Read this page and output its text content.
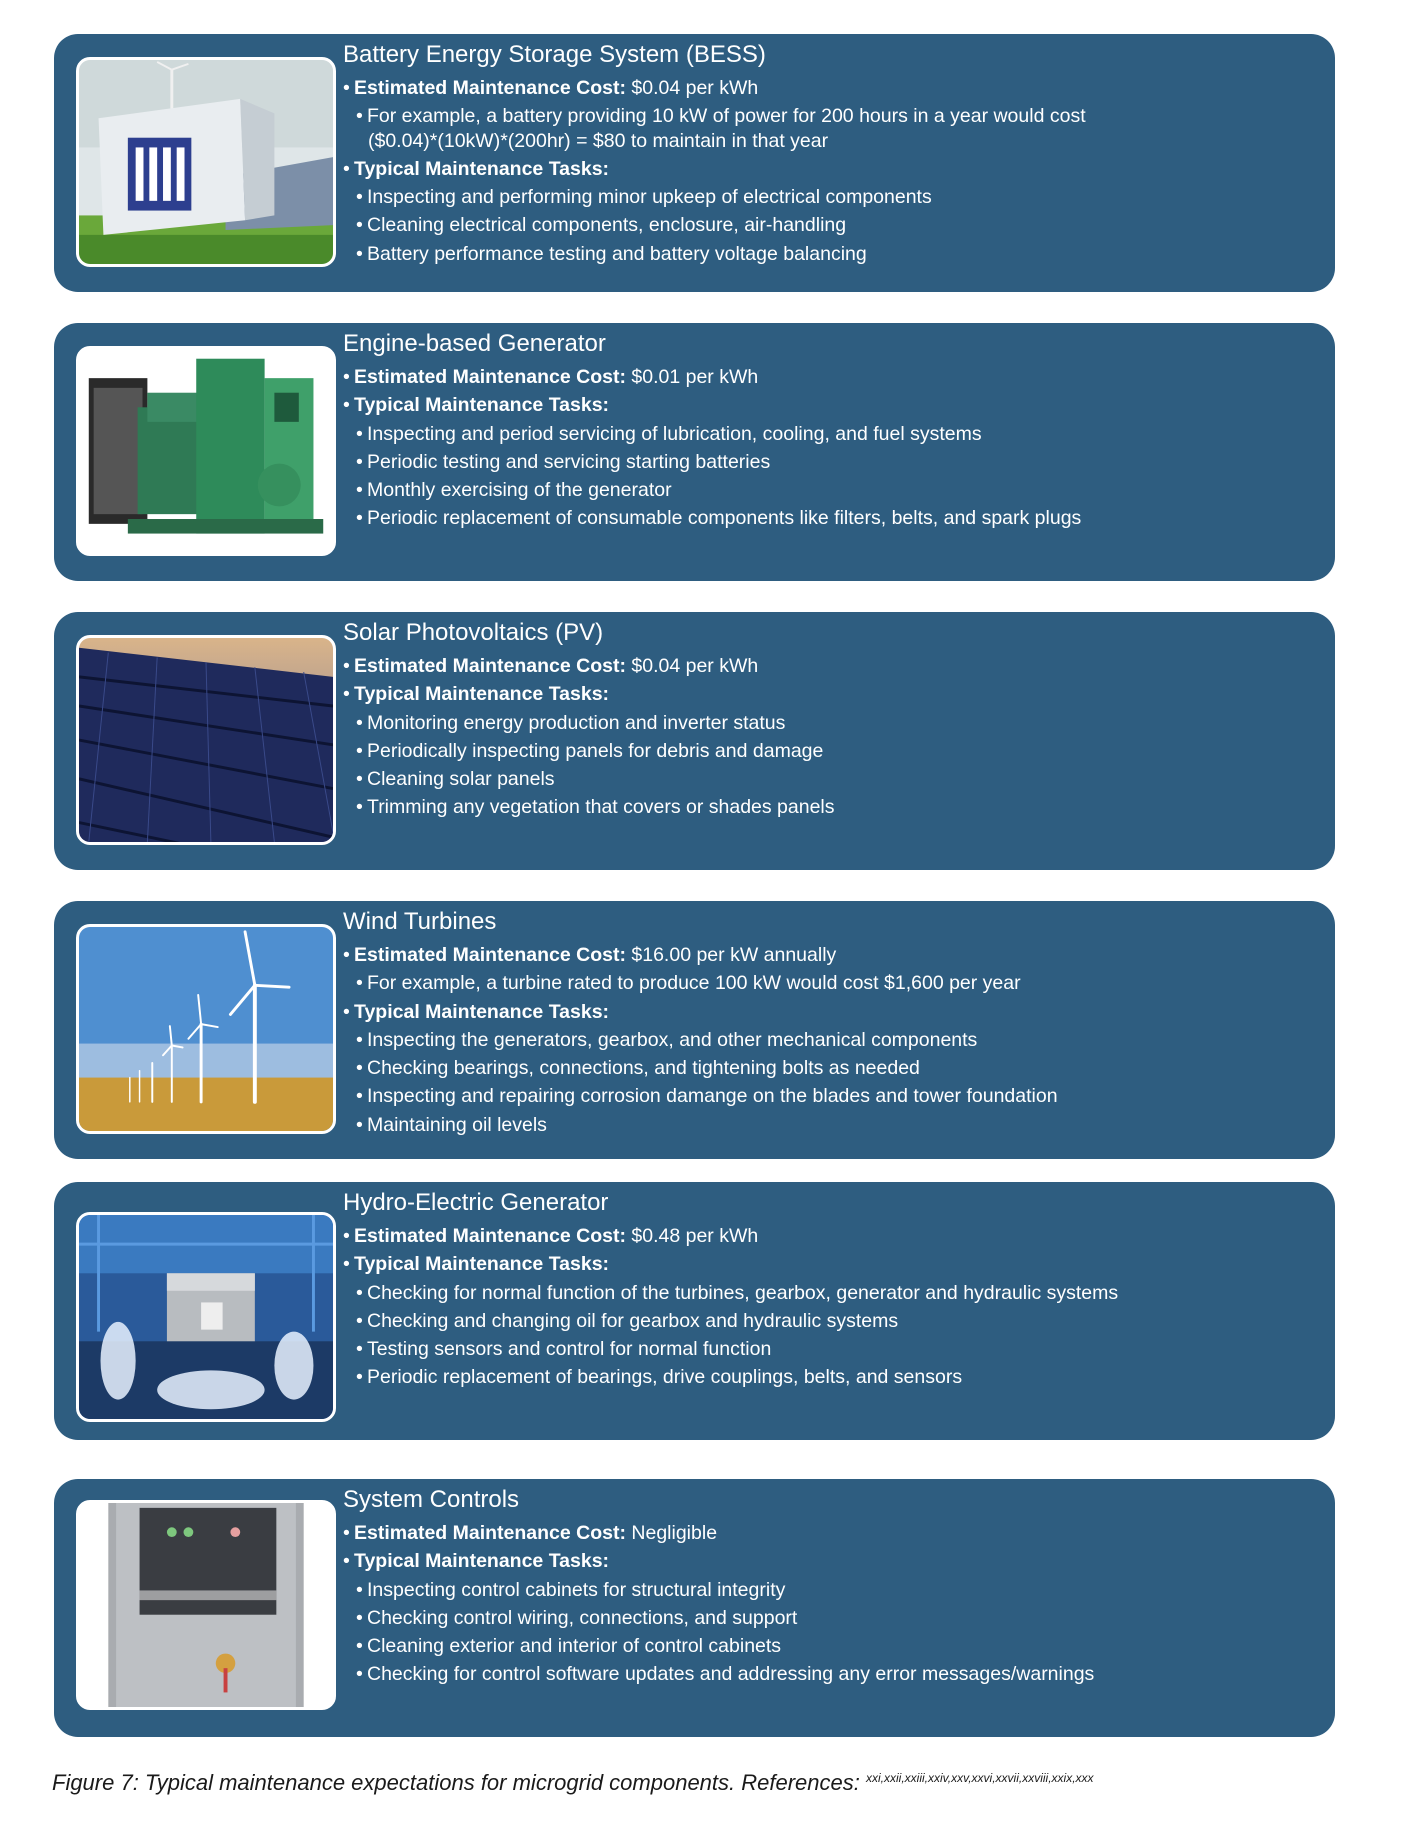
Battery Energy Storage System (BESS)
• Estimated Maintenance Cost: $0.04 per kWh
• For example, a battery providing 10 kW of power for 200 hours in a year would cost
($0.04)*(10kW)*(200hr) = $80 to maintain in that year
• Typical Maintenance Tasks:
• Inspecting and performing minor upkeep of electrical components
• Cleaning electrical components, enclosure, air-handling
• Battery performance testing and battery voltage balancing
Engine-based Generator
• Estimated Maintenance Cost: $0.01 per kWh
• Typical Maintenance Tasks:
• Inspecting and period servicing of lubrication, cooling, and fuel systems
• Periodic testing and servicing starting batteries
• Monthly exercising of the generator
• Periodic replacement of consumable components like filters, belts, and spark plugs
Solar Photovoltaics (PV)
• Estimated Maintenance Cost: $0.04 per kWh
• Typical Maintenance Tasks:
• Monitoring energy production and inverter status
• Periodically inspecting panels for debris and damage
• Cleaning solar panels
• Trimming any vegetation that covers or shades panels
Wind Turbines
• Estimated Maintenance Cost: $16.00 per kW annually
• For example, a turbine rated to produce 100 kW would cost $1,600 per year
• Typical Maintenance Tasks:
• Inspecting the generators, gearbox, and other mechanical components
• Checking bearings, connections, and tightening bolts as needed
• Inspecting and repairing corrosion damange on the blades and tower foundation
• Maintaining oil levels
Hydro-Electric Generator
• Estimated Maintenance Cost: $0.48 per kWh
• Typical Maintenance Tasks:
• Checking for normal function of the turbines, gearbox, generator and hydraulic systems
• Checking and changing oil for gearbox and hydraulic systems
• Testing sensors and control for normal function
• Periodic replacement of bearings, drive couplings, belts, and sensors
System Controls
• Estimated Maintenance Cost: Negligible
• Typical Maintenance Tasks:
• Inspecting control cabinets for structural integrity
• Checking control wiring, connections, and support
• Cleaning exterior and interior of control cabinets
• Checking for control software updates and addressing any error messages/warnings
Figure 7: Typical maintenance expectations for microgrid components. References: $^{xxi,xxii,xxiii,xxiv,xxv,xxvi,xxvii,xxviii,xxix,xxx}$
